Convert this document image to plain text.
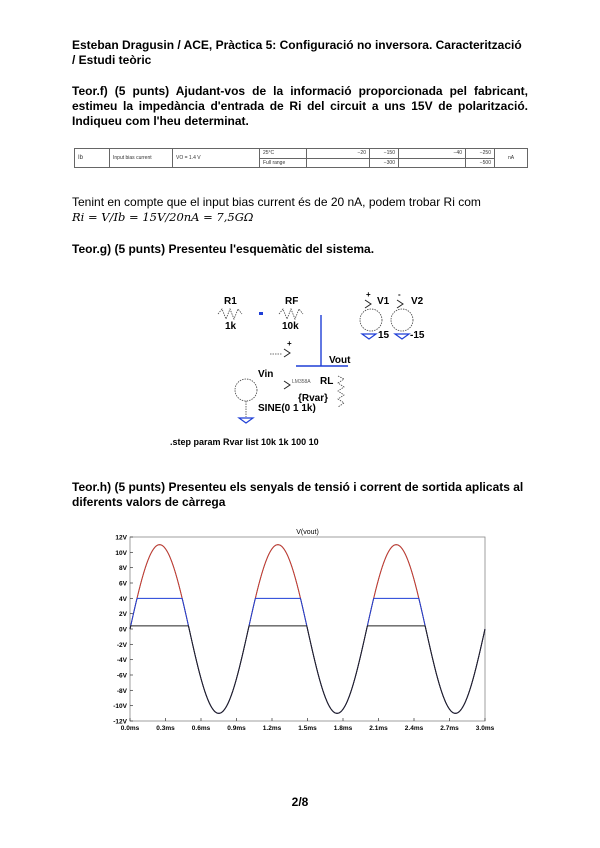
Esteban Dragusin / ACE, Pràctica 5: Configuració no inversora. Caracterització
/ Estudi teòric
Teor.f) (5 punts) Ajudant-vos de la informació proporcionada pel fabricant, estimeu la impedància d'entrada de Ri del circuit a uns 15V de polarització. Indiqueu com l'heu determinat.
Ib	Input bias current	VO = 1.4 V	25°C	−20	−150	−40	−250	nA
			Full range		−300		−500	
Tenint en compte que el input bias current és de 20 nA, podem trobar Ri com
Ri = V/Ib = 15V/20nA = 7,5GΩ
Teor.g) (5 punts) Presenteu l'esquemàtic del sistema.
R1
1k
RF
10k
Vout
+
Vin
LM358A RL
{Rvar}
SINE(0 1 1k)
+
V1
-
V2
15 -15
.step param Rvar list 10k 1k 100 10
Teor.h) (5 punts) Presenteu els senyals de tensió i corrent de sortida aplicats al diferents valors de càrrega
V(vout)
12V
10V
8V
6V
4V
2V
0V
-2V
-4V
-6V
-8V
-10V
-12V
0.0ms	0.3ms	0.6ms	0.9ms	1.2ms	1.5ms	1.8ms	2.1ms	2.4ms	2.7ms	3.0ms
2/8
